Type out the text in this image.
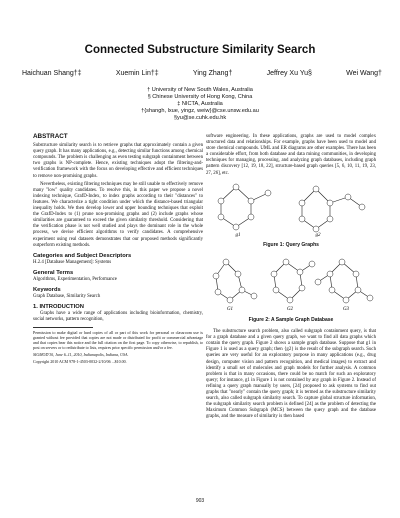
Connected Substructure Similarity Search
Haichuan Shang†‡	Xuemin Lin†‡	Ying Zhang†	Jeffrey Xu Yu§	Wei Wang†
† University of New South Wales, Australia
§ Chinese University of Hong Kong, China
‡ NICTA, Australia
†{shangh, lxue, yingz, weiw}@cse.unsw.edu.au
§yu@se.cuhk.edu.hk
ABSTRACT

Substructure similarity search is to retrieve graphs that approximately contain a given query graph. It has many applications, e.g., detecting similar functions among chemical compounds. The problem is challenging as even testing subgraph containment between two graphs is NP-complete. Hence, existing techniques adopt the filtering-and-verification framework with the focus on developing effective and efficient techniques to remove non-promising graphs.

Nevertheless, existing filtering techniques may be still unable to effectively remove many "low" quality candidates. To resolve this, in this paper we propose a novel indexing technique, GrafD-Index, to index graphs according to their "distances" to features. We characterize a tight condition under which the distance-based triangular inequality holds. We then develop lower and upper bounding techniques that exploit the GrafD-Index to (1) prune non-promising graphs and (2) include graphs whose similarities are guaranteed to exceed the given similarity threshold. Considering that the verification phase is not well studied and plays the dominant role in the whole process, we devise efficient algorithms to verify candidates. A comprehensive experiment using real datasets demonstrates that our proposed methods significantly outperform existing methods.

Categories and Subject Descriptors

H.2.4 [Database Management]: Systems

General Terms

Algorithms, Experimentation, Performance

Keywords

Graph Database, Similarity Search

1. INTRODUCTION

Graphs have a wide range of applications including bioinformation, chemistry, social networks, pattern recognition,

Permission to make digital or hard copies of all or part of this work for personal or classroom use is granted without fee provided that copies are not made or distributed for profit or commercial advantage and that copies bear this notice and the full citation on the first page. To copy otherwise, to republish, to post on servers or to redistribute to lists, requires prior specific permission and/or a fee.

SIGMOD'10, June 6–11, 2010, Indianapolis, Indiana, USA.

Copyright 2010 ACM 978-1-4503-0032-2/10/06 ...$10.00.

software engineering. In these applications, graphs are used to model complex structured data and relationships. For example, graphs have been used to model and store chemical compounds. UML and ER diagrams are other examples. There has been a considerable effort, from both database and data mining communities, in developing techniques for managing, processing, and analyzing graph databases, including graph pattern discovery [12, 19, 18, 22], structure-based graph queries [5, 6, 10, 11, 19, 23, 27, 26], etc.

g1	g2
Figure 1: Query Graphs
G1	G2	G3
Figure 2: A Sample Graph Database

The substructure search problem, also called subgraph containment query, is that for a graph database and a given query graph, we want to find all data graphs which contain the query graph. Figure 2 shows a sample graph database. Suppose that g1 in Figure 1 is used as a query graph; then {g2} is the result of the subgraph search. Such queries are very useful for an exploratory purpose in many applications (e.g., drug design, computer vision and pattern recognition, and medical images) to extract and identify a small set of molecules and graph models for further analysis. A common problem is that in many occasions, there could be no match for such an exploratory query; for instance, g1 in Figure 1 is not contained by any graph in Figure 2. Instead of refining a query graph manually by users, [24] proposed to ask systems to find out graphs that "nearly" contain the query graph; it is termed as the substructure similarity search, also called subgraph similarity search. To capture global structure information, the subgraph similarity search problem is defined [24] as the problem of detecting the Maximum Common Subgraph (MCS) between the query graph and the database graphs, and the measure of similarity is then based

903
